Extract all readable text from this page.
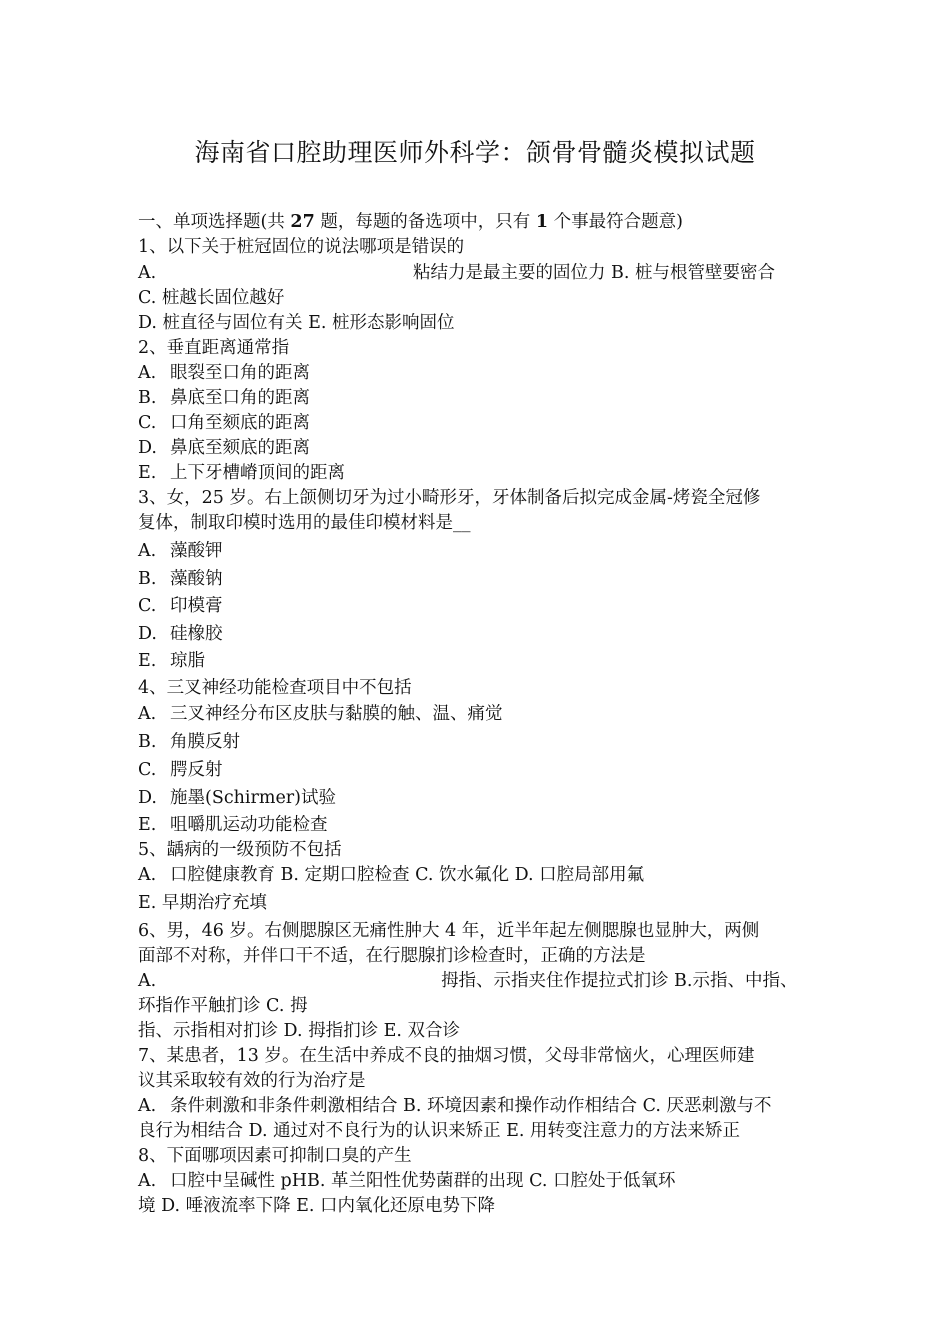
海南省口腔助理医师外科学：颌骨骨髓炎模拟试题
一、单项选择题(共 27 题，每题的备选项中，只有 1 个事最符合题意)
1、以下关于桩冠固位的说法哪项是错误的
A.	粘结力是最主要的固位力 B. 桩与根管壁要密合
C. 桩越长固位越好
D. 桩直径与固位有关 E. 桩形态影响固位
2、垂直距离通常指
A. 眼裂至口角的距离
B. 鼻底至口角的距离
C. 口角至颏底的距离
D. 鼻底至颏底的距离
E. 上下牙槽嵴顶间的距离
3、女，25 岁。右上颌侧切牙为过小畸形牙，牙体制备后拟完成金属-烤瓷全冠修
复体，制取印模时选用的最佳印模材料是__
A. 藻酸钾
B. 藻酸钠
C. 印模膏
D. 硅橡胶
E. 琼脂
4、三叉神经功能检查项目中不包括
A. 三叉神经分布区皮肤与黏膜的触、温、痛觉
B. 角膜反射
C. 腭反射
D. 施墨(Schirmer)试验
E. 咀嚼肌运动功能检查
5、龋病的一级预防不包括
A. 口腔健康教育 B. 定期口腔检查 C. 饮水氟化 D. 口腔局部用氟
E. 早期治疗充填
6、男，46 岁。右侧腮腺区无痛性肿大 4 年，近半年起左侧腮腺也显肿大，两侧
面部不对称，并伴口干不适，在行腮腺扪诊检查时，正确的方法是
A.	拇指、示指夹住作提拉式扪诊 B.示指、中指、
环指作平触扪诊 C. 拇
指、示指相对扪诊 D. 拇指扪诊 E. 双合诊
7、某患者，13 岁。在生活中养成不良的抽烟习惯，父母非常恼火，心理医师建
议其采取较有效的行为治疗是
A. 条件刺激和非条件刺激相结合 B. 环境因素和操作动作相结合 C. 厌恶刺激与不
良行为相结合 D. 通过对不良行为的认识来矫正 E. 用转变注意力的方法来矫正
8、下面哪项因素可抑制口臭的产生
A. 口腔中呈碱性 pHB. 革兰阳性优势菌群的出现 C. 口腔处于低氧环
境 D. 唾液流率下降 E. 口内氧化还原电势下降
